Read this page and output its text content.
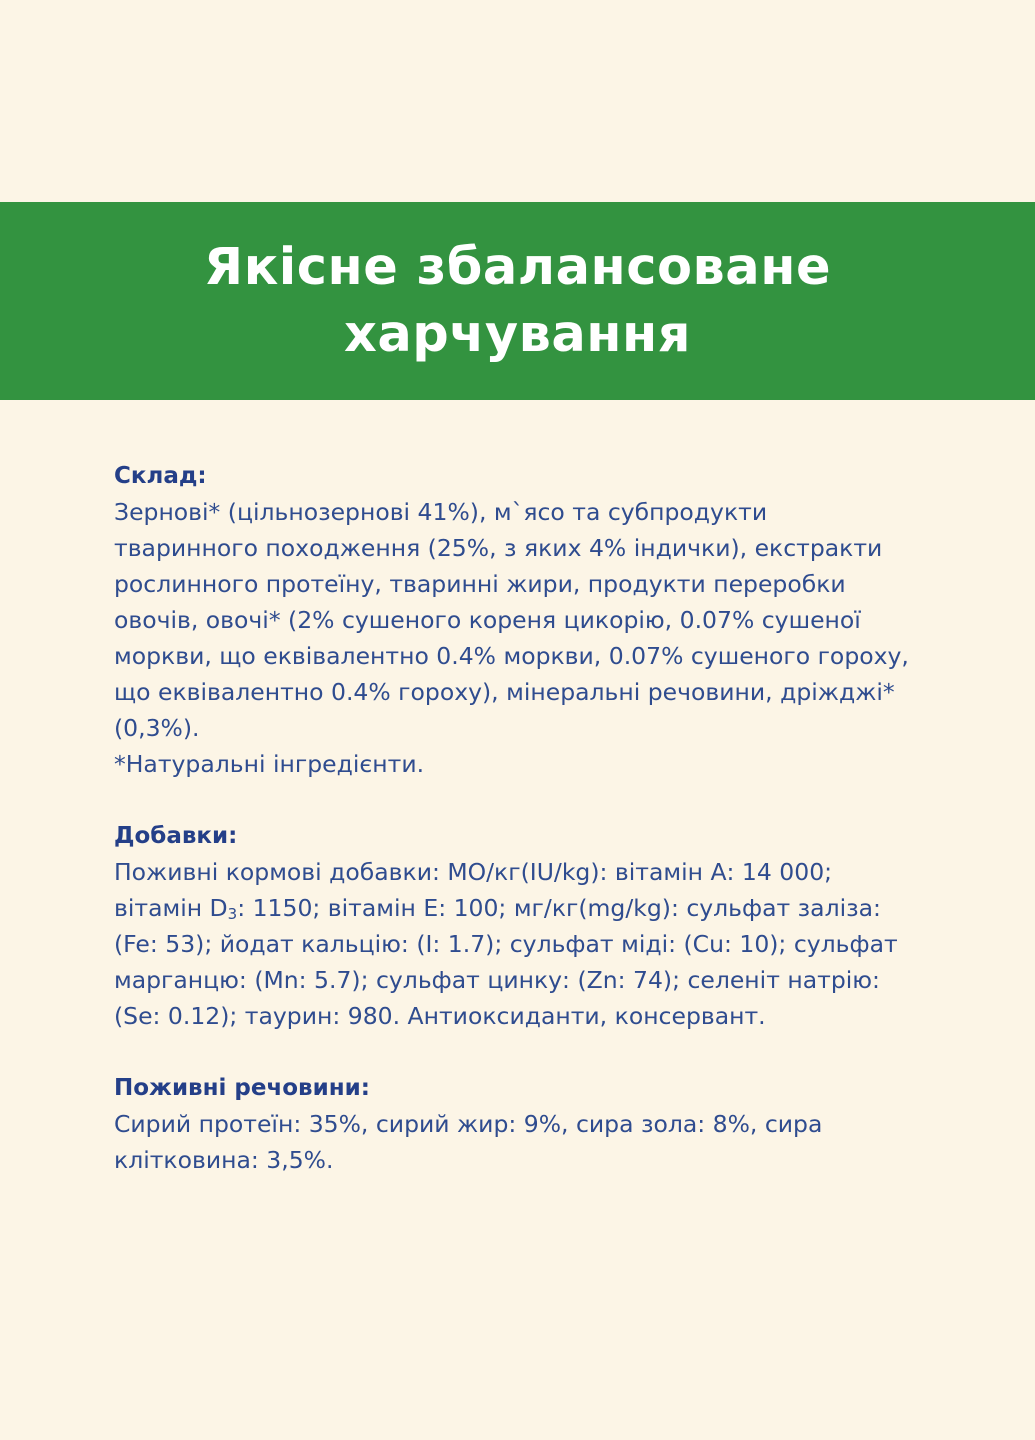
Якісне збалансоване
харчування
Склад:
Зернові* (цільнозернові 41%), м`ясо та субпродукти
тваринного походження (25%, з яких 4% індички), екстракти
рослинного протеїну, тваринні жири, продукти переробки
овочів, овочі* (2% сушеного кореня цикорію, 0.07% сушеної
моркви, що еквівалентно 0.4% моркви, 0.07% сушеного гороху,
що еквівалентно 0.4% гороху), мінеральні речовини, дріжджі*
(0,3%).
*Натуральні інгредієнти.
Добавки:
Поживні кормові добавки: МО/кг(IU/kg): вітамін А: 14 000;
вітамін $D_3$: 1150; вітамін Е: 100; мг/кг(mg/kg): сульфат заліза:
(Fe: 53); йодат кальцію: (I: 1.7); сульфат міді: (Cu: 10); сульфат
марганцю: (Mn: 5.7); сульфат цинку: (Zn: 74); селеніт натрію:
(Se: 0.12); таурин: 980. Антиоксиданти, консервант.
Поживні речовини:
Сирий протеїн: 35%, сирий жир: 9%, сира зола: 8%, сира
клітковина: 3,5%.
